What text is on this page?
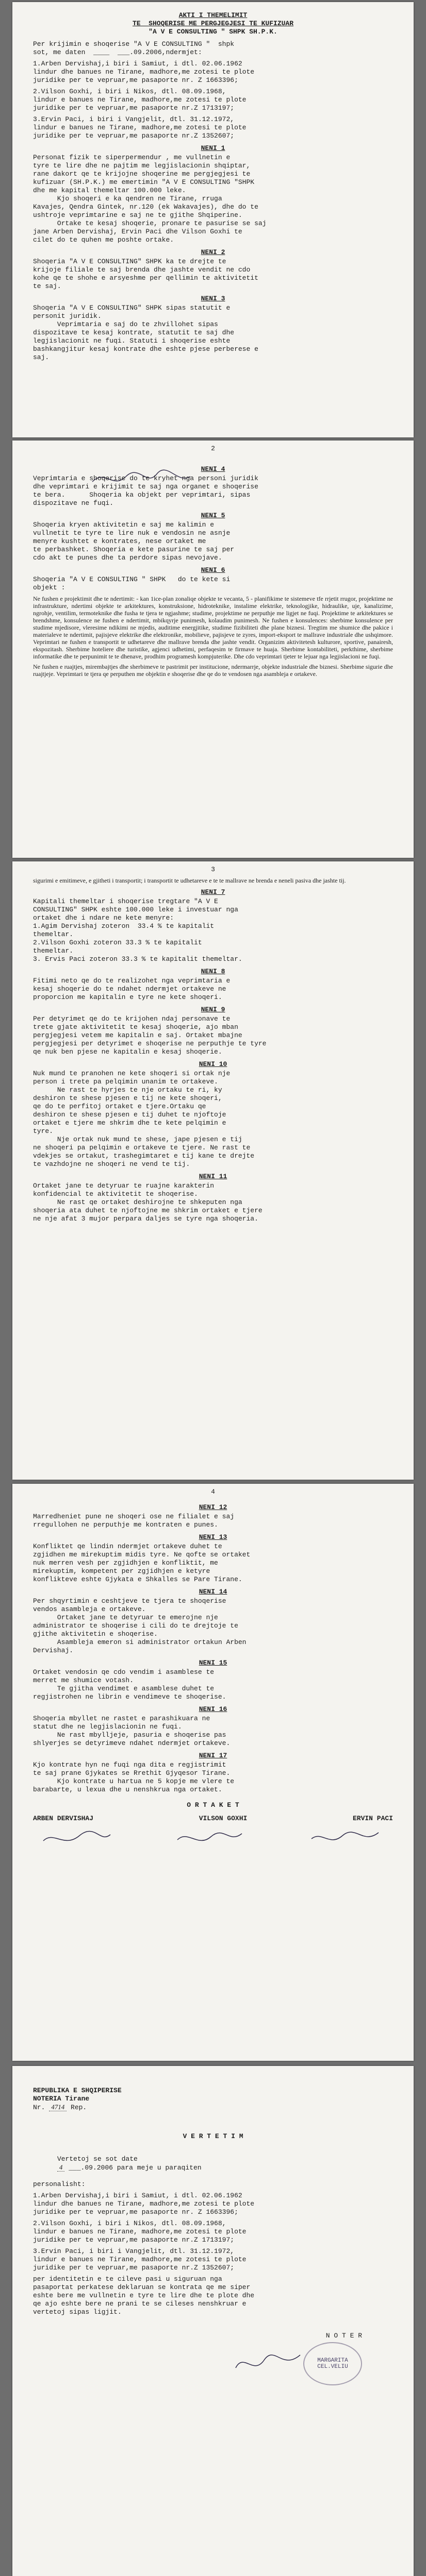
AKTI I THEMELIMIT
TE  SHOQERISE ME PERGJEGJESI TE KUFIZUAR
"A V E CONSULTING " SHPK SH.P.K.
Per krijimin e shoqerise "A V E CONSULTING "  shpk
sot, me daten  ____  ___.09.2006,ndermjet:
1.Arben Dervishaj,i biri i Samiut, i dtl. 02.06.1962
lindur dhe banues ne Tirane, madhore,me zotesi te plote
juridike per te vepruar,me pasaporte nr. Z 1663396;
2.Vilson Goxhi, i biri i Nikos, dtl. 08.09.1968,
lindur e banues ne Tirane, madhore,me zotesi te plote
juridike per te vepruar,me pasaporte nr.Z 1713197;
3.Ervin Paci, i biri i Vangjelit, dtl. 31.12.1972,
lindur e banues ne Tirane, madhore,me zotesi te plote
juridike per te vepruar,me pasaporte nr.Z 1352607;
NENI 1
Personat fizik te siperpermendur , me vullnetin e
tyre te lire dhe ne pajtim me legjislacionin shqiptar,
rane dakort qe te krijojne shoqerine me pergjegjesi te
kufizuar (SH.P.K.) me emertimin "A V E CONSULTING "SHPK
dhe me kapital themeltar 100.000 leke.
Kjo shoqeri e ka qendren ne Tirane, rruga
Kavajes, Qendra Gintek, nr.120 (ek Wakavajes), dhe do te
ushtroje veprimtarine e saj ne te gjithe Shqiperine.
Ortake te kesaj shoqerie, pronare te pasurise se saj
jane Arben Dervishaj, Ervin Paci dhe Vilson Goxhi te
cilet do te quhen me poshte ortake.
NENI 2
Shoqeria "A V E CONSULTING" SHPK ka te drejte te
krijoje filiale te saj brenda dhe jashte vendit ne cdo
kohe qe te shohe e arsyeshme per qellimin te aktivitetit
te saj.
NENI 3
Shoqeria "A V E CONSULTING" SHPK sipas statutit e
personit juridik.
Veprimtaria e saj do te zhvillohet sipas
dispozitave te kesaj kontrate, statutit te saj dhe
legjislacionit ne fuqi. Statuti i shoqerise eshte
bashkangjitur kesaj kontrate dhe eshte pjese perberese e
saj.
2
NENI 4
Veprimtaria e shoqerise do te kryhet nga personi juridik
dhe veprimtari e krijimit te saj nga organet e shoqerise
te bera.      Shoqeria ka objekt per veprimtari, sipas
dispozitave ne fuqi.
NENI 5
Shoqeria kryen aktivitetin e saj me kalimin e
vullnetit te tyre te lire nuk e vendosin ne asnje
menyre kushtet e kontrates, nese ortaket me
te perbashket. Shoqeria e kete pasurine te saj per
cdo akt te punes dhe ta perdore sipas nevojave.
NENI 6
Shoqeria "A V E CONSULTING " SHPK   do te kete si
objekt :
Ne fushen e projektimit dhe te ndertimit: - kan 1ice-plan zonaliqe objekte te vecanta, 5 - planifikime te sistemeve tfe rrjetit rrugor, projektime ne infrastrukture, ndertimi objekte te arkitektures, konstruksione, hidroteknike, instalime elektrike, teknologjike, hidraulike, uje, kanalizime, ngrohje, ventilim, termoteknike dhe fusha te tjera te ngjashme; studime, projektime ne perputhje me ligjet ne fuqi. Projektime te arkitektures se brendshme, konsulence ne fushen e ndertimit, mbikqyrje punimesh, kolaudim punimesh. Ne fushen e konsulences: sherbime konsulence per studime mjedisore, vleresime ndikimi ne mjedis, auditime energjitike, studime fizibiliteti dhe plane biznesi. Tregtim me shumice dhe pakice i materialeve te ndertimit, pajisjeve elektrike dhe elektronike, mobilieve, pajisjeve te zyres, import-eksport te mallrave industriale dhe ushqimore. Veprimtari ne fushen e transportit te udhetareve dhe mallrave brenda dhe jashte vendit. Organizim aktivitetesh kulturore, sportive, panairesh, ekspozitash. Sherbime hoteliere dhe turistike, agjenci udhetimi, perfaqesim te firmave te huaja. Sherbime kontabiliteti, perkthime, sherbime informatike dhe te perpunimit te te dhenave, prodhim programesh kompjuterike. Dhe cdo veprimtari tjeter te lejuar nga legjislacioni ne fuqi.
Ne fushen e ruajtjes, mirembajtjes dhe sherbimeve te pastrimit per institucione, ndermarrje, objekte industriale dhe biznesi. Sherbime sigurie dhe ruajtjeje. Veprimtari te tjera qe perputhen me objektin e shoqerise dhe qe do te vendosen nga asambleja e ortakeve.
3
sigurimi e emitimeve, e gjitheti i transportit; i transportit te udhetareve e te te mallrave ne brenda e neneli pasiva dhe jashte tij.
NENI 7
Kapitali themeltar i shoqerise tregtare "A V E
CONSULTING" SHPK eshte 100.000 leke i investuar nga
ortaket dhe i ndare ne kete menyre:
1.Agim Dervishaj zoteron  33.4 % te kapitalit
themeltar.
2.Vilson Goxhi zoteron 33.3 % te kapitalit
themeltar.
3. Ervis Paci zoteron 33.3 % te kapitalit themeltar.
NENI 8
Fitimi neto qe do te realizohet nga veprimtaria e
kesaj shoqerie do te ndahet ndermjet ortakeve ne
proporcion me kapitalin e tyre ne kete shoqeri.
NENI 9
Per detyrimet qe do te krijohen ndaj personave te
trete gjate aktivitetit te kesaj shoqerie, ajo mban
pergjegjesi vetem me kapitalin e saj. Ortaket mbajne
pergjegjesi per detyrimet e shoqerise ne perputhje te tyre
qe nuk ben pjese ne kapitalin e kesaj shoqerie.
NENI 10
Nuk mund te pranohen ne kete shoqeri si ortak nje
person i trete pa pelqimin unanim te ortakeve.
Ne rast te hyrjes te nje ortaku te ri, ky
deshiron te shese pjesen e tij ne kete shoqeri,
qe do te perfitoj ortaket e tjere.Ortaku qe
deshiron te shese pjesen e tij duhet te njoftoje
ortaket e tjere me shkrim dhe te kete pelqimin e
tyre.
Nje ortak nuk mund te shese, jape pjesen e tij
ne shoqeri pa pelqimin e ortakeve te tjere. Ne rast te
vdekjes se ortakut, trashegimtaret e tij kane te drejte
te vazhdojne ne shoqeri ne vend te tij.
NENI 11
Ortaket jane te detyruar te ruajne karakterin
konfidencial te aktivitetit te shoqerise.
Ne rast qe ortaket deshirojne te shkeputen nga
shoqeria ata duhet te njoftojne me shkrim ortaket e tjere
ne nje afat 3 mujor perpara daljes se tyre nga shoqeria.
4
NENI 12
Marredheniet pune ne shoqeri ose ne filialet e saj
rregullohen ne perputhje me kontraten e punes.
NENI 13
Konfliktet qe lindin ndermjet ortakeve duhet te
zgjidhen me mirekuptim midis tyre. Ne qofte se ortaket
nuk merren vesh per zgjidhjen e konfliktit, me
mirekuptim, kompetent per zgjidhjen e ketyre
konflikteve eshte Gjykata e Shkalles se Pare Tirane.
NENI 14
Per shqyrtimin e ceshtjeve te tjera te shoqerise
vendos asambleja e ortakeve.
Ortaket jane te detyruar te emerojne nje
administrator te shoqerise i cili do te drejtoje te
gjithe aktivitetin e shoqerise.
Asambleja emeron si administrator ortakun Arben
Dervishaj.
NENI 15
Ortaket vendosin qe cdo vendim i asamblese te
merret me shumice votash.
Te gjitha vendimet e asamblese duhet te
regjistrohen ne librin e vendimeve te shoqerise.
NENI 16
Shoqeria mbyllet ne rastet e parashikuara ne
statut dhe ne legjislacionin ne fuqi.
Ne rast mbylljeje, pasuria e shoqerise pas
shlyerjes se detyrimeve ndahet ndermjet ortakeve.
NENI 17
Kjo kontrate hyn ne fuqi nga dita e regjistrimit
te saj prane Gjykates se Rrethit Gjyqesor Tirane.
Kjo kontrate u hartua ne 5 kopje me vlere te
barabarte, u lexua dhe u nenshkrua nga ortaket.
O R T A K E T
ARBEN DERVISHAJ	VILSON GOXHI	ERVIN PACI
REPUBLIKA E SHQIPERISE
NOTERIA Tirane
Nr. 4714 Rep.
V E R T E T I M

Vertetoj se sot date
4 ___.09.2006 para meje u paraqiten

personalisht:
1.Arben Dervishaj,i biri i Samiut, i dtl. 02.06.1962
lindur dhe banues ne Tirane, madhore,me zotesi te plote
juridike per te vepruar,me pasaporte nr. Z 1663396;
2.Vilson Goxhi, i biri i Nikos, dtl. 08.09.1968,
lindur e banues ne Tirane, madhore,me zotesi te plote
juridike per te vepruar,me pasaporte nr.Z 1713197;
3.Ervin Paci, i biri i Vangjelit, dtl. 31.12.1972,
lindur e banues ne Tirane, madhore,me zotesi te plote
juridike per te vepruar,me pasaporte nr.Z 1352607;
per identitetin e te cileve pasi u siguruan nga
pasaportat perkatese deklaruan se kontrata qe me siper
eshte bere me vullnetin e tyre te lire dhe te plote dhe
qe ajo eshte bere ne prani te se cileses nenshkruar e
vertetoj sipas ligjit.
N O T E R
MARGARITA
CEL.VELIU
